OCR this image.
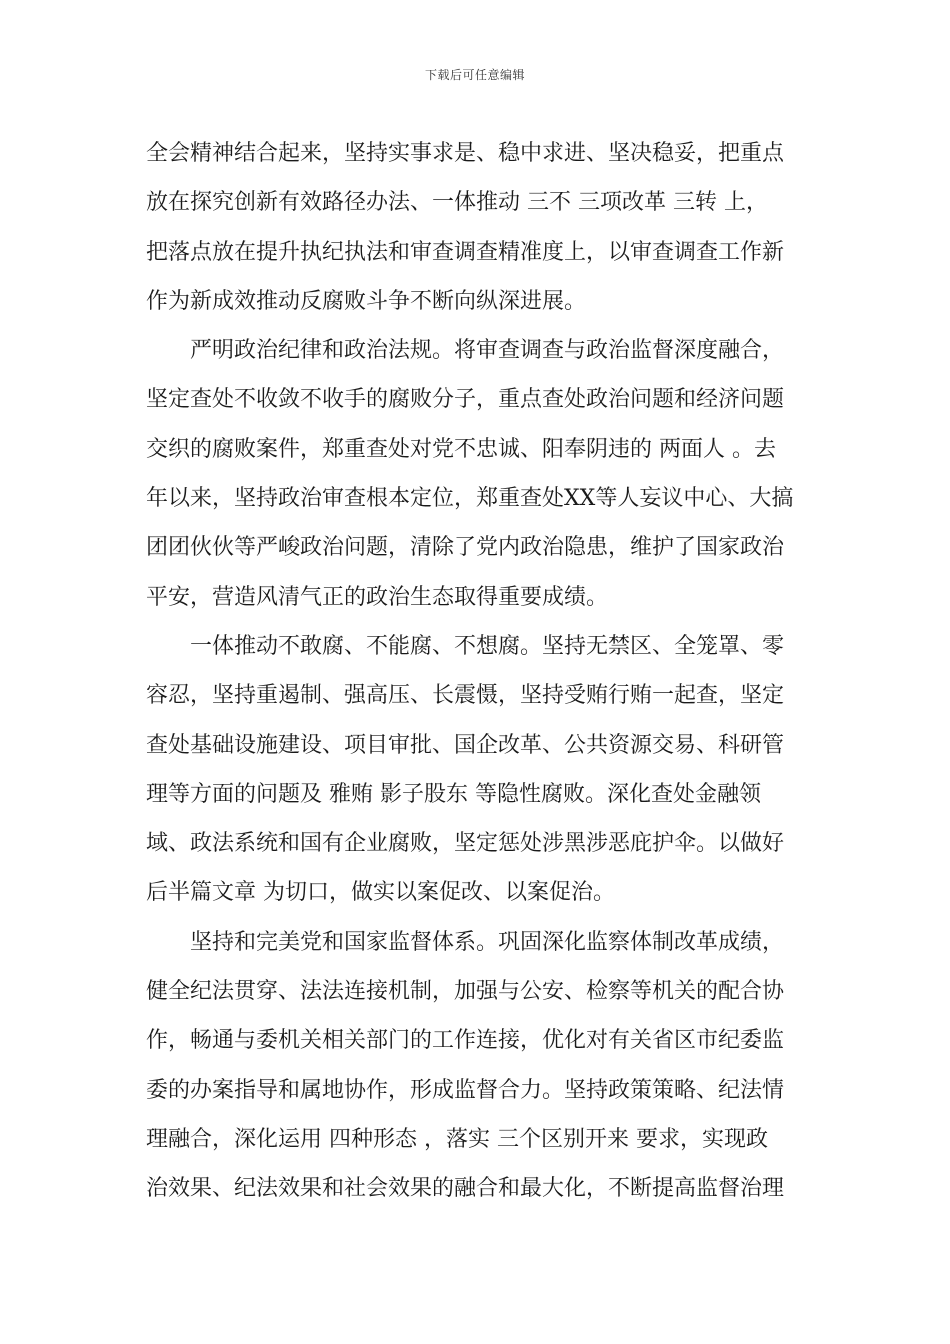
下载后可任意编辑
全会精神结合起来，坚持实事求是、稳中求进、坚决稳妥，把重点
放在探究创新有效路径办法、一体推动 三不 三项改革 三转 上，
把落点放在提升执纪执法和审查调查精准度上，以审查调查工作新
作为新成效推动反腐败斗争不断向纵深进展。
严明政治纪律和政治法规。将审查调查与政治监督深度融合，
坚定查处不收敛不收手的腐败分子，重点查处政治问题和经济问题
交织的腐败案件，郑重查处对党不忠诚、阳奉阴违的 两面人 。去
年以来，坚持政治审查根本定位，郑重查处XX等人妄议中心、大搞
团团伙伙等严峻政治问题，清除了党内政治隐患，维护了国家政治
平安，营造风清气正的政治生态取得重要成绩。
一体推动不敢腐、不能腐、不想腐。坚持无禁区、全笼罩、零
容忍，坚持重遏制、强高压、长震慑，坚持受贿行贿一起查，坚定
查处基础设施建设、项目审批、国企改革、公共资源交易、科研管
理等方面的问题及 雅贿 影子股东 等隐性腐败。深化查处金融领
域、政法系统和国有企业腐败，坚定惩处涉黑涉恶庇护伞。以做好
后半篇文章 为切口，做实以案促改、以案促治。
坚持和完美党和国家监督体系。巩固深化监察体制改革成绩，
健全纪法贯穿、法法连接机制，加强与公安、检察等机关的配合协
作，畅通与委机关相关部门的工作连接，优化对有关省区市纪委监
委的办案指导和属地协作，形成监督合力。坚持政策策略、纪法情
理融合，深化运用 四种形态 ，落实 三个区别开来 要求，实现政
治效果、纪法效果和社会效果的融合和最大化，不断提高监督治理
